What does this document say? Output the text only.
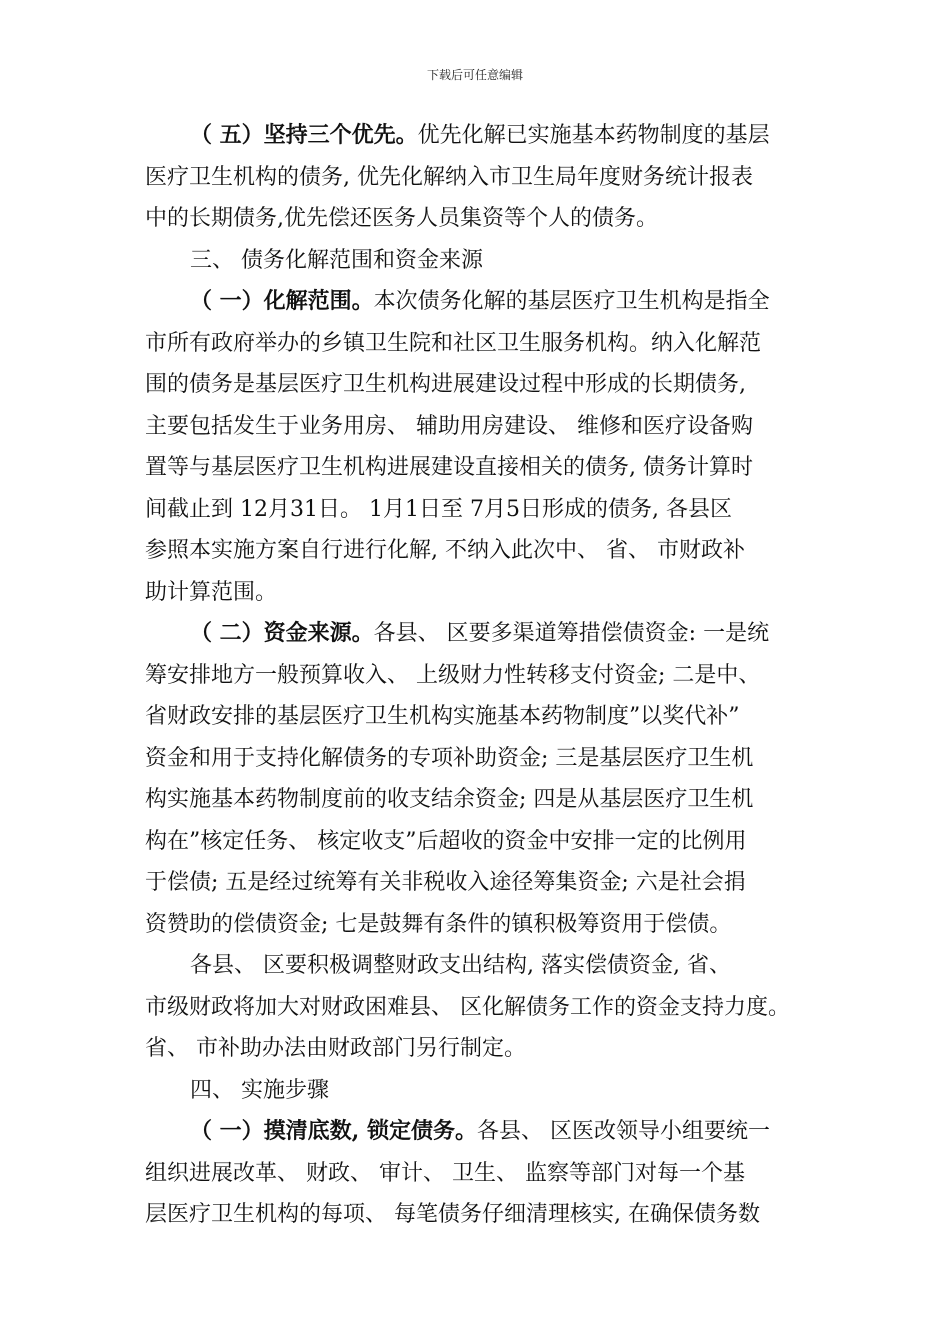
下载后可任意编辑
（ 五）坚持三个优先。优先化解已实施基本药物制度的基层
医疗卫生机构的债务, 优先化解纳入市卫生局年度财务统计报表
中的长期债务,优先偿还医务人员集资等个人的债务。
三、 债务化解范围和资金来源
（ 一）化解范围。本次债务化解的基层医疗卫生机构是指全
市所有政府举办的乡镇卫生院和社区卫生服务机构。纳入化解范
围的债务是基层医疗卫生机构进展建设过程中形成的长期债务,
主要包括发生于业务用房、 辅助用房建设、 维修和医疗设备购
置等与基层医疗卫生机构进展建设直接相关的债务, 债务计算时
间截止到 12月31日。 1月1日至 7月5日形成的债务, 各县区
参照本实施方案自行进行化解, 不纳入此次中、 省、 市财政补
助计算范围。
（ 二）资金来源。各县、 区要多渠道筹措偿债资金: 一是统
筹安排地方一般预算收入、 上级财力性转移支付资金; 二是中、
省财政安排的基层医疗卫生机构实施基本药物制度”以奖代补”
资金和用于支持化解债务的专项补助资金; 三是基层医疗卫生机
构实施基本药物制度前的收支结余资金; 四是从基层医疗卫生机
构在”核定任务、 核定收支”后超收的资金中安排一定的比例用
于偿债; 五是经过统筹有关非税收入途径筹集资金; 六是社会捐
资赞助的偿债资金; 七是鼓舞有条件的镇积极筹资用于偿债。
各县、 区要积极调整财政支出结构, 落实偿债资金, 省、
市级财政将加大对财政困难县、 区化解债务工作的资金支持力度。
省、 市补助办法由财政部门另行制定。
四、 实施步骤
（ 一）摸清底数, 锁定债务。各县、 区医改领导小组要统一
组织进展改革、 财政、 审计、 卫生、 监察等部门对每一个基
层医疗卫生机构的每项、 每笔债务仔细清理核实, 在确保债务数
